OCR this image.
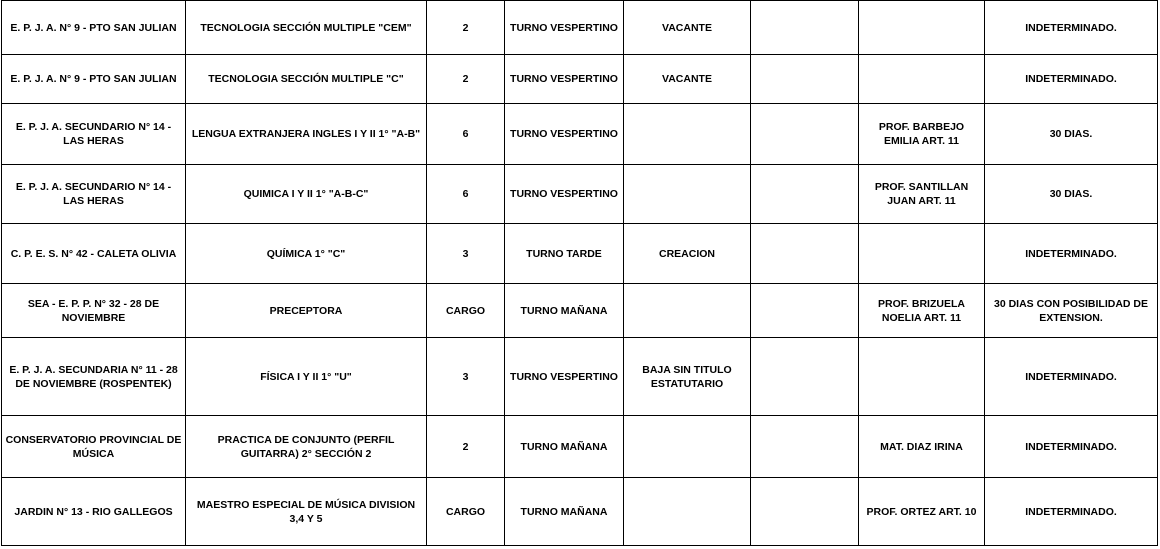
E. P. J. A. N° 9 - PTO SAN JULIAN	TECNOLOGIA SECCIÓN MULTIPLE "CEM"	2	TURNO VESPERTINO	VACANTE			INDETERMINADO.
E. P. J. A. N° 9 - PTO SAN JULIAN	TECNOLOGIA SECCIÓN MULTIPLE "C"	2	TURNO VESPERTINO	VACANTE			INDETERMINADO.
E. P. J. A. SECUNDARIO N° 14 - LAS HERAS	LENGUA EXTRANJERA INGLES I Y II 1° "A-B"	6	TURNO VESPERTINO			PROF. BARBEJO EMILIA ART. 11	30 DIAS.
E. P. J. A. SECUNDARIO N° 14 - LAS HERAS	QUIMICA I Y II 1° "A-B-C"	6	TURNO VESPERTINO			PROF. SANTILLAN JUAN ART. 11	30 DIAS.
C. P. E. S. N° 42 - CALETA OLIVIA	QUÍMICA 1° "C"	3	TURNO TARDE	CREACION			INDETERMINADO.
SEA - E. P. P. N° 32 - 28 DE NOVIEMBRE	PRECEPTORA	CARGO	TURNO MAÑANA			PROF. BRIZUELA NOELIA ART. 11	30 DIAS CON POSIBILIDAD DE EXTENSION.
E. P. J. A. SECUNDARIA N° 11 - 28 DE NOVIEMBRE (ROSPENTEK)	FÍSICA I Y II 1° "U"	3	TURNO VESPERTINO	BAJA SIN TITULO ESTATUTARIO			INDETERMINADO.
CONSERVATORIO PROVINCIAL DE MÚSICA	PRACTICA DE CONJUNTO (PERFIL GUITARRA) 2° SECCIÓN 2	2	TURNO MAÑANA			MAT. DIAZ IRINA	INDETERMINADO.
JARDIN N° 13 - RIO GALLEGOS	MAESTRO ESPECIAL DE MÚSICA DIVISION 3,4 Y 5	CARGO	TURNO MAÑANA			PROF. ORTEZ ART. 10	INDETERMINADO.
